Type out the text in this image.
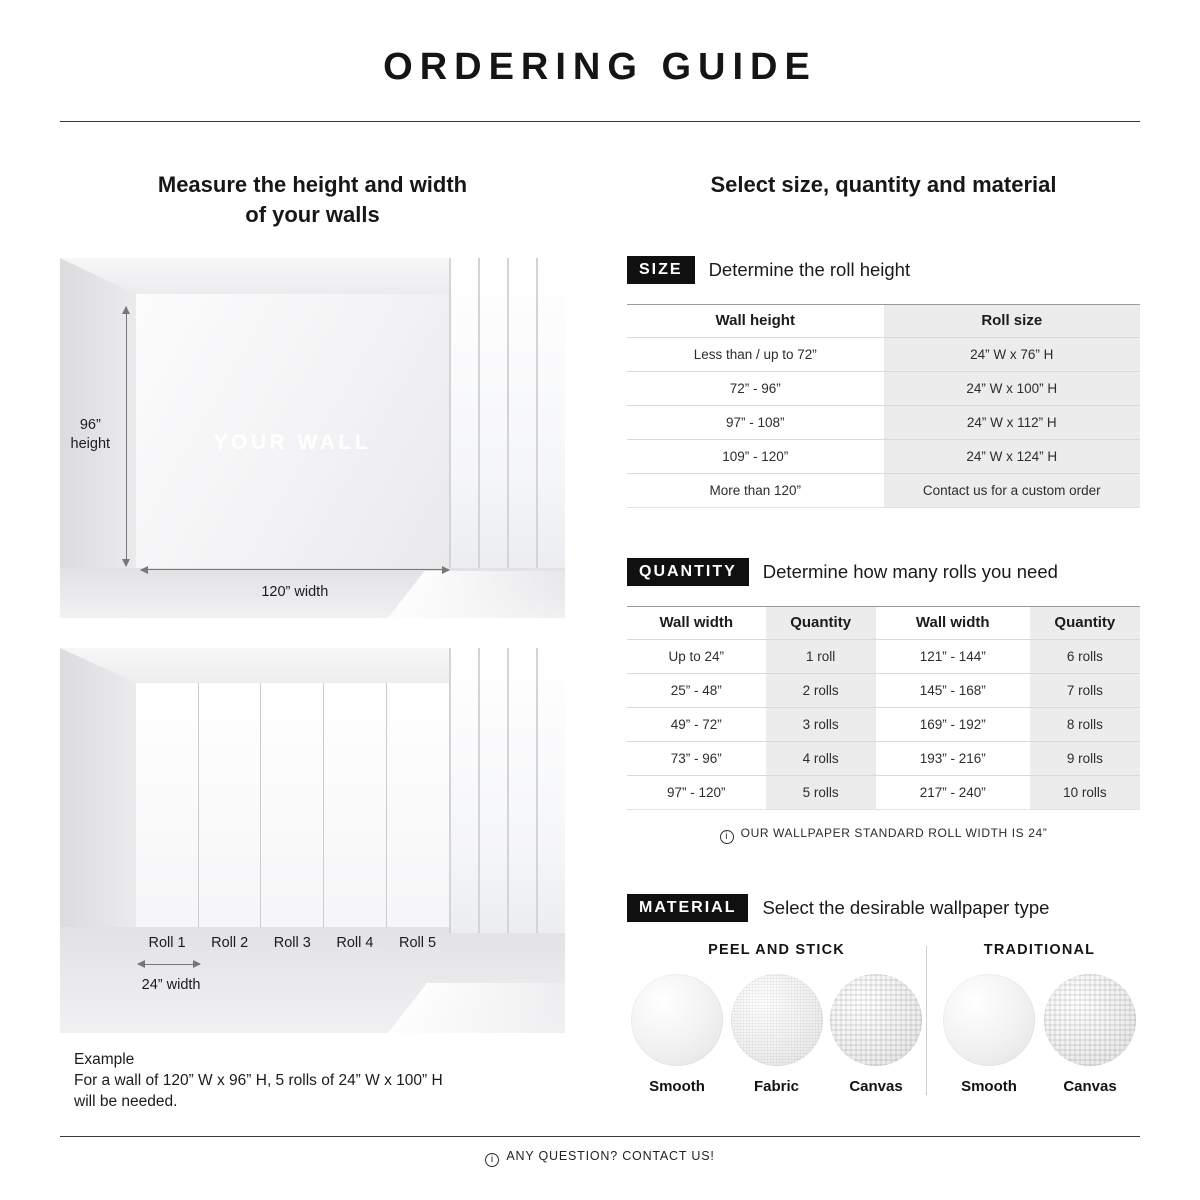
ORDERING GUIDE
Measure the height and width
of your walls
YOUR WALL
96”
height
120” width
Roll 1	Roll 2	Roll 3	Roll 4	Roll 5
24” width
Example
For a wall of 120” W x 96” H, 5 rolls of 24” W x 100” H
will be needed.
Select size, quantity and material
SIZE	Determine the roll height
Wall height	Roll size
Less than / up to 72”	24” W x 76” H
72” - 96”	24” W x 100” H
97” - 108”	24” W x 112” H
109” - 120”	24” W x 124” H
More than 120”	Contact us for a custom order
QUANTITY	Determine how many rolls you need
Wall width	Quantity	Wall width	Quantity
Up to 24”	1 roll	121” - 144”	6 rolls
25” - 48”	2 rolls	145” - 168”	7 rolls
49” - 72”	3 rolls	169” - 192”	8 rolls
73” - 96”	4 rolls	193” - 216”	9 rolls
97” - 120”	5 rolls	217” - 240”	10 rolls
i OUR WALLPAPER STANDARD ROLL WIDTH IS 24”
MATERIAL	Select the desirable wallpaper type
PEEL AND STICK
Smooth	Fabric	Canvas
TRADITIONAL
Smooth	Canvas
i ANY QUESTION? CONTACT US!
